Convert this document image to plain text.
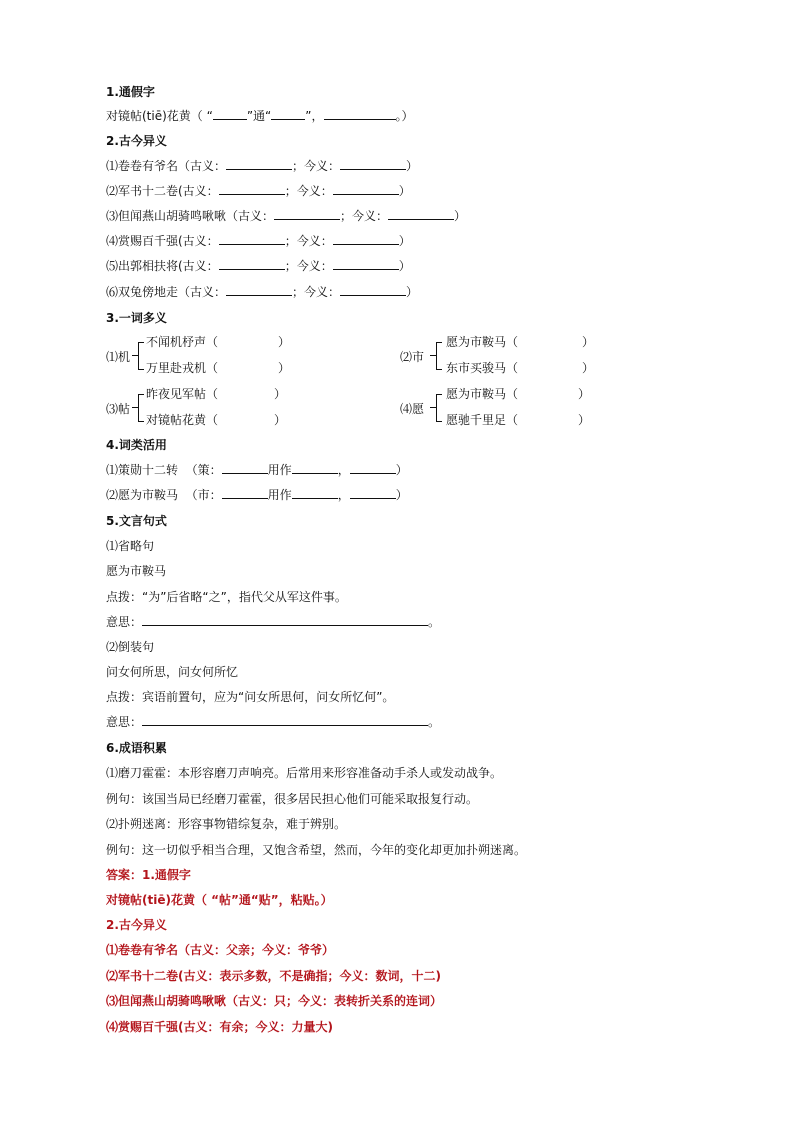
1.通假字
对镜帖(tiē)花黄（ “	”通“	”，	。）
2.古今异义
⑴卷卷有爷名（古义：	；今义：	）
⑵军书十二卷(古义：	；今义：	）
⑶但闻燕山胡骑鸣啾啾（古义：	；今义：	）
⑷赏赐百千强(古义：	；今义：	）
⑸出郭相扶将(古义：	；今义：	）
⑹双兔傍地走（古义：	；今义：	）
3.一词多义
⑴机
不闻机杼声（	）
万里赴戎机（	）
⑵市
愿为市鞍马（	）
东市买骏马（	）
⑶帖
昨夜见军帖（	）
对镜帖花黄（	）
⑷愿
愿为市鞍马（	）
愿驰千里足（	）
4.词类活用
⑴策勋十二转 （策：	用作	，	）
⑵愿为市鞍马 （市：	用作	，	）
5.文言句式
⑴省略句
愿为市鞍马
点拨：“为”后省略“之”，指代父从军这件事。
意思：	。
⑵倒装句
问女何所思，问女何所忆
点拨：宾语前置句，应为“问女所思何，问女所忆何”。
意思：	。
6.成语积累
⑴磨刀霍霍：本形容磨刀声响亮。后常用来形容准备动手杀人或发动战争。
例句：该国当局已经磨刀霍霍，很多居民担心他们可能采取报复行动。
⑵扑朔迷离：形容事物错综复杂，难于辨别。
例句：这一切似乎相当合理，又饱含希望，然而，今年的变化却更加扑朔迷离。
答案：1.通假字
对镜帖(tiē)花黄（ “帖”通“贴”，粘贴。）
2.古今异义
⑴卷卷有爷名（古义：父亲；今义：爷爷）
⑵军书十二卷(古义：表示多数，不是确指；今义：数词，十二)
⑶但闻燕山胡骑鸣啾啾（古义：只；今义：表转折关系的连词）
⑷赏赐百千强(古义：有余；今义：力量大)
